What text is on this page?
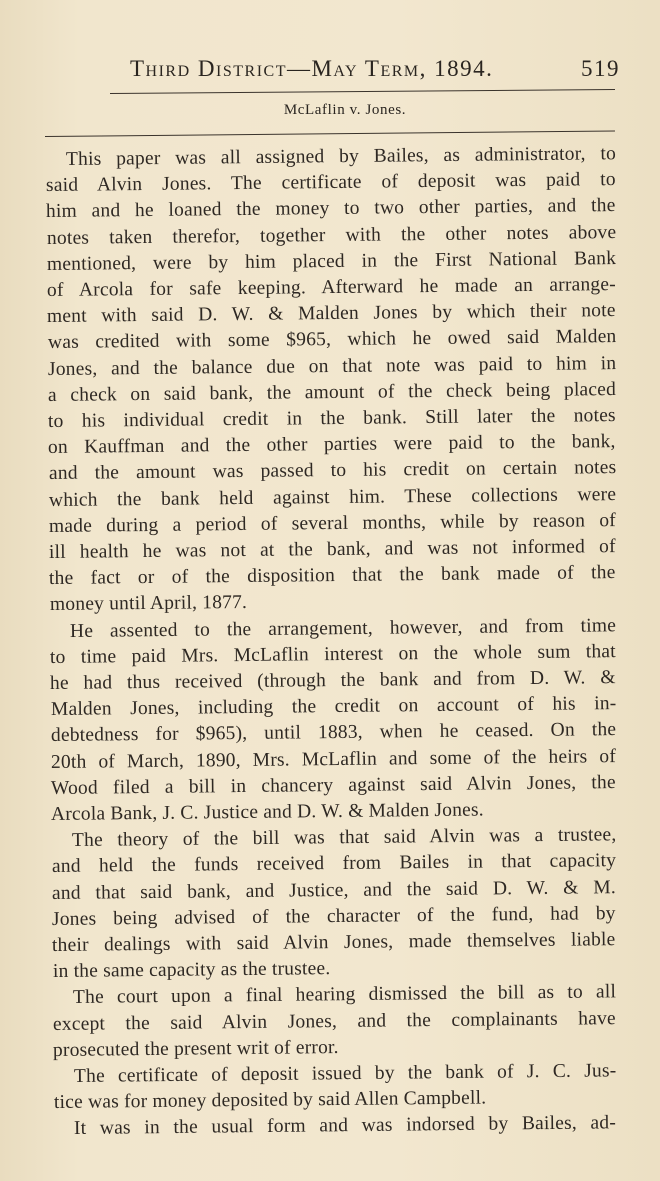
Third District—May Term, 1894.	519
McLaflin v. Jones.
This paper was all assigned by Bailes, as administrator, to
said Alvin Jones. The certificate of deposit was paid to
him and he loaned the money to two other parties, and the
notes taken therefor, together with the other notes above
mentioned, were by him placed in the First National Bank
of Arcola for safe keeping. Afterward he made an arrange-
ment with said D. W. & Malden Jones by which their note
was credited with some $965, which he owed said Malden
Jones, and the balance due on that note was paid to him in
a check on said bank, the amount of the check being placed
to his individual credit in the bank. Still later the notes
on Kauffman and the other parties were paid to the bank,
and the amount was passed to his credit on certain notes
which the bank held against him. These collections were
made during a period of several months, while by reason of
ill health he was not at the bank, and was not informed of
the fact or of the disposition that the bank made of the
money until April, 1877.
He assented to the arrangement, however, and from time
to time paid Mrs. McLaflin interest on the whole sum that
he had thus received (through the bank and from D. W. &
Malden Jones, including the credit on account of his in-
debtedness for $965), until 1883, when he ceased. On the
20th of March, 1890, Mrs. McLaflin and some of the heirs of
Wood filed a bill in chancery against said Alvin Jones, the
Arcola Bank, J. C. Justice and D. W. & Malden Jones.
The theory of the bill was that said Alvin was a trustee,
and held the funds received from Bailes in that capacity
and that said bank, and Justice, and the said D. W. & M.
Jones being advised of the character of the fund, had by
their dealings with said Alvin Jones, made themselves liable
in the same capacity as the trustee.
The court upon a final hearing dismissed the bill as to all
except the said Alvin Jones, and the complainants have
prosecuted the present writ of error.
The certificate of deposit issued by the bank of J. C. Jus-
tice was for money deposited by said Allen Campbell.
It was in the usual form and was indorsed by Bailes, ad-
